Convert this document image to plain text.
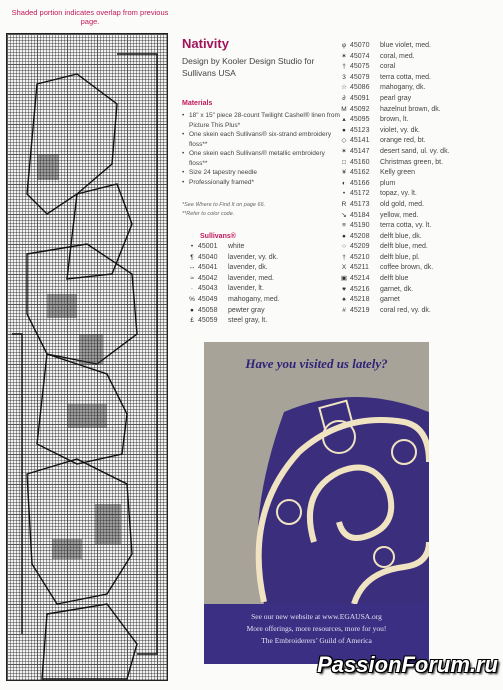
Shaded portion indicates overlap from previous page.
Nativity
Design by Kooler Design Studio for Sullivans USA
Materials
• 18" x 15" piece 28-count Twilight Cashel® linen from Picture This Plus*
• One skein each Sullivans® six-strand embroidery floss**
• One skein each Sullivans® metallic embroidery floss**
• Size 24 tapestry needle
• Professionally framed*
*See Where to Find It on page 66.
**Refer to color code.
Sullivans®
• 45001 white
¶ 45040 lavender, vy. dk.
↔ 45041 lavender, dk.
≈ 45042 lavender, med.
· 45043 lavender, lt.
% 45049 mahogany, med.
● 45058 pewter gray
£ 45059 steel gray, lt.
φ 45070 blue violet, med.
✶ 45074 coral, med.
† 45075 coral
3 45079 terra cotta, med.
☆ 45086 mahogany, dk.
∂ 45091 pearl gray
M 45092 hazelnut brown, dk.
▴ 45095 brown, lt.
● 45123 violet, vy. dk.
◇ 45141 orange red, bt.
✶ 45147 desert sand, ul. vy. dk.
□ 45160 Christmas green, bt.
¥ 45162 Kelly green
◐ 45166 plum
• 45172 topaz, vy. lt.
R 45173 old gold, med.
↘ 45184 yellow, med.
≡ 45190 terra cotta, vy. lt.
● 45208 delft blue, dk.
○ 45209 delft blue, med.
† 45210 delft blue, pl.
X 45211 coffee brown, dk.
▣ 45214 delft blue
♥ 45216 garnet, dk.
♠ 45218 garnet
# 45219 coral red, vy. dk.
Have you visited us lately?
See our new website at www.EGAUSA.org
More offerings, more resources, more for you!
The Embroiderers’ Guild of America
PassionForum.ru
